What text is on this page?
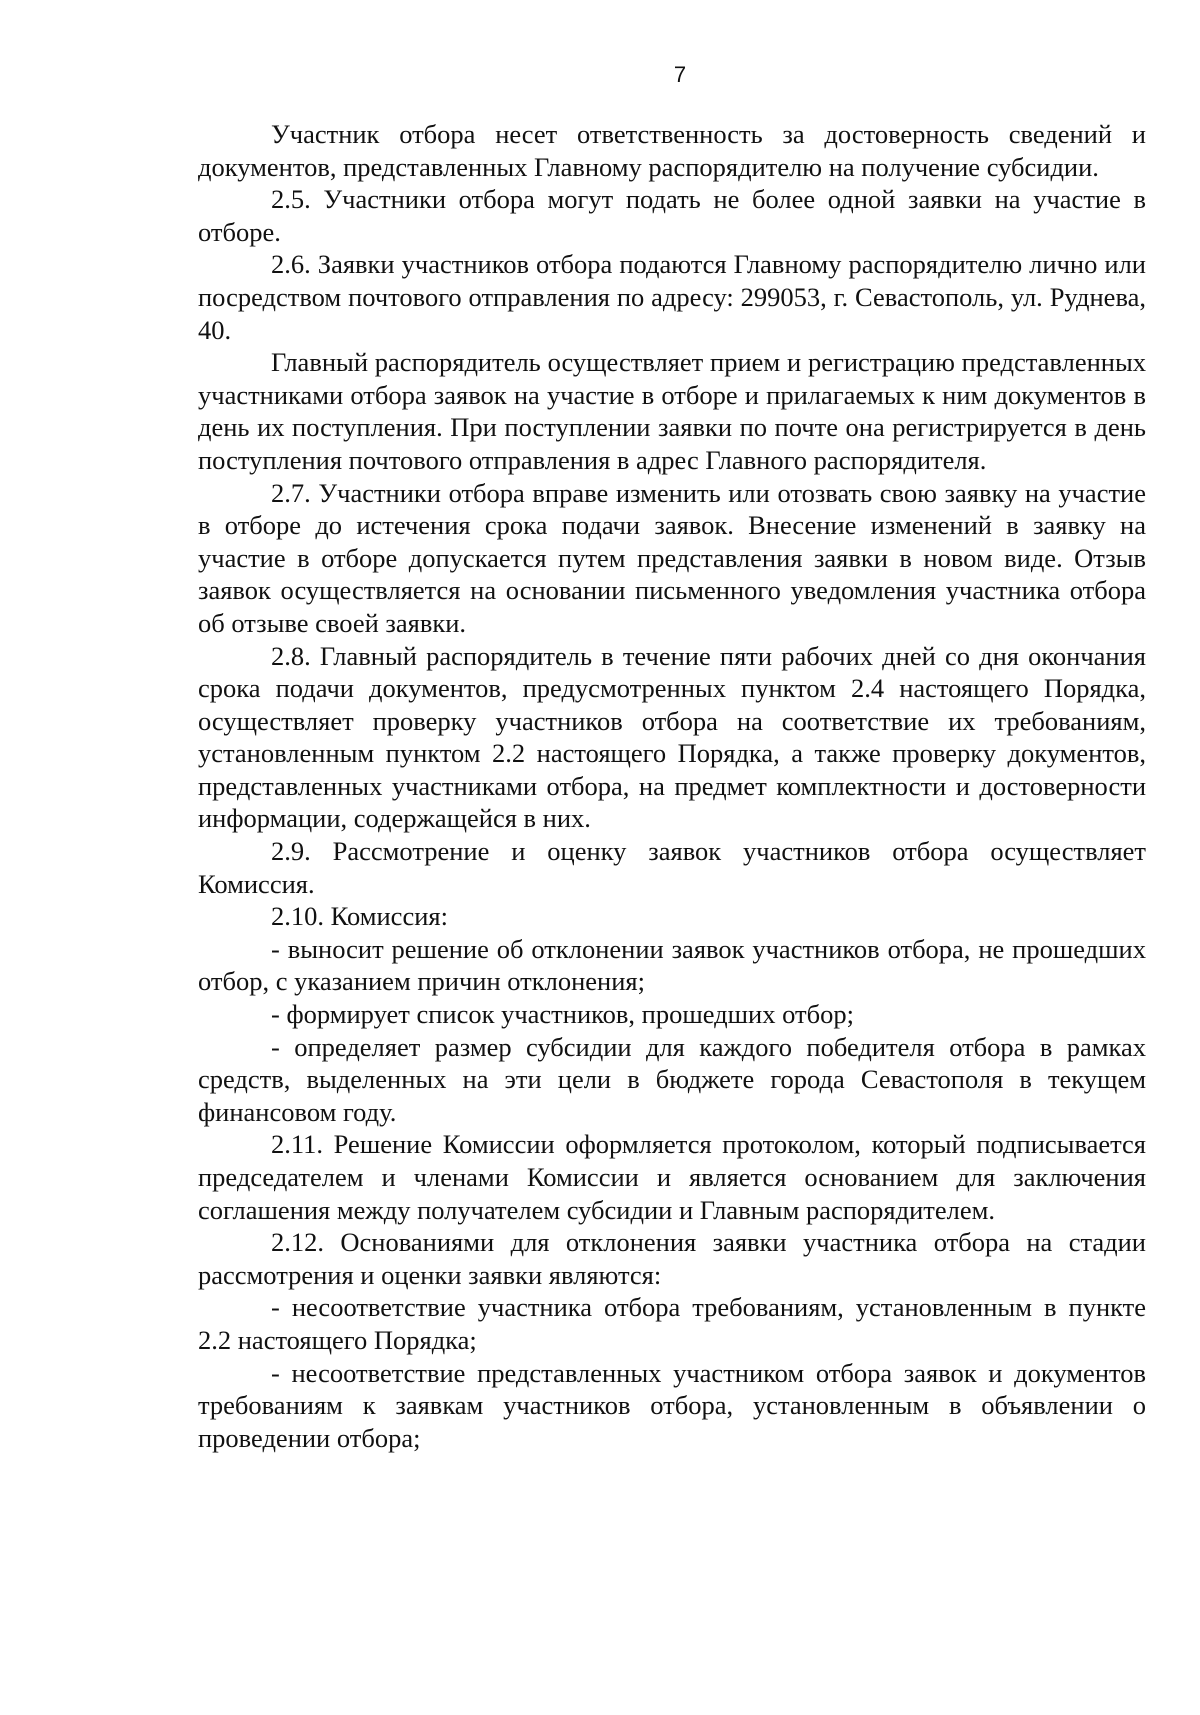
7

Участник отбора несет ответственность за достоверность сведений и документов, представленных Главному распорядителю на получение субсидии.

2.5. Участники отбора могут подать не более одной заявки на участие в отборе.

2.6. Заявки участников отбора подаются Главному распорядителю лично или посредством почтового отправления по адресу: 299053, г. Севастополь, ул. Руднева, 40.

Главный распорядитель осуществляет прием и регистрацию представленных участниками отбора заявок на участие в отборе и прилагаемых к ним документов в день их поступления. При поступлении заявки по почте она регистрируется в день поступления почтового отправления в адрес Главного распорядителя.

2.7. Участники отбора вправе изменить или отозвать свою заявку на участие в отборе до истечения срока подачи заявок. Внесение изменений в заявку на участие в отборе допускается путем представления заявки в новом виде. Отзыв заявок осуществляется на основании письменного уведомления участника отбора об отзыве своей заявки.

2.8. Главный распорядитель в течение пяти рабочих дней со дня окончания срока подачи документов, предусмотренных пунктом 2.4 настоящего Порядка, осуществляет проверку участников отбора на соответствие их требованиям, установленным пунктом 2.2 настоящего Порядка, а также проверку документов, представленных участниками отбора, на предмет комплектности и достоверности информации, содержащейся в них.

2.9. Рассмотрение и оценку заявок участников отбора осуществляет Комиссия.

2.10. Комиссия:

- выносит решение об отклонении заявок участников отбора, не прошедших отбор, с указанием причин отклонения;

- формирует список участников, прошедших отбор;

- определяет размер субсидии для каждого победителя отбора в рамках средств, выделенных на эти цели в бюджете города Севастополя в текущем финансовом году.

2.11. Решение Комиссии оформляется протоколом, который подписывается председателем и членами Комиссии и является основанием для заключения соглашения между получателем субсидии и Главным распорядителем.

2.12. Основаниями для отклонения заявки участника отбора на стадии рассмотрения и оценки заявки являются:

- несоответствие участника отбора требованиям, установленным в пункте 2.2 настоящего Порядка;

- несоответствие представленных участником отбора заявок и документов требованиям к заявкам участников отбора, установленным в объявлении о проведении отбора;
